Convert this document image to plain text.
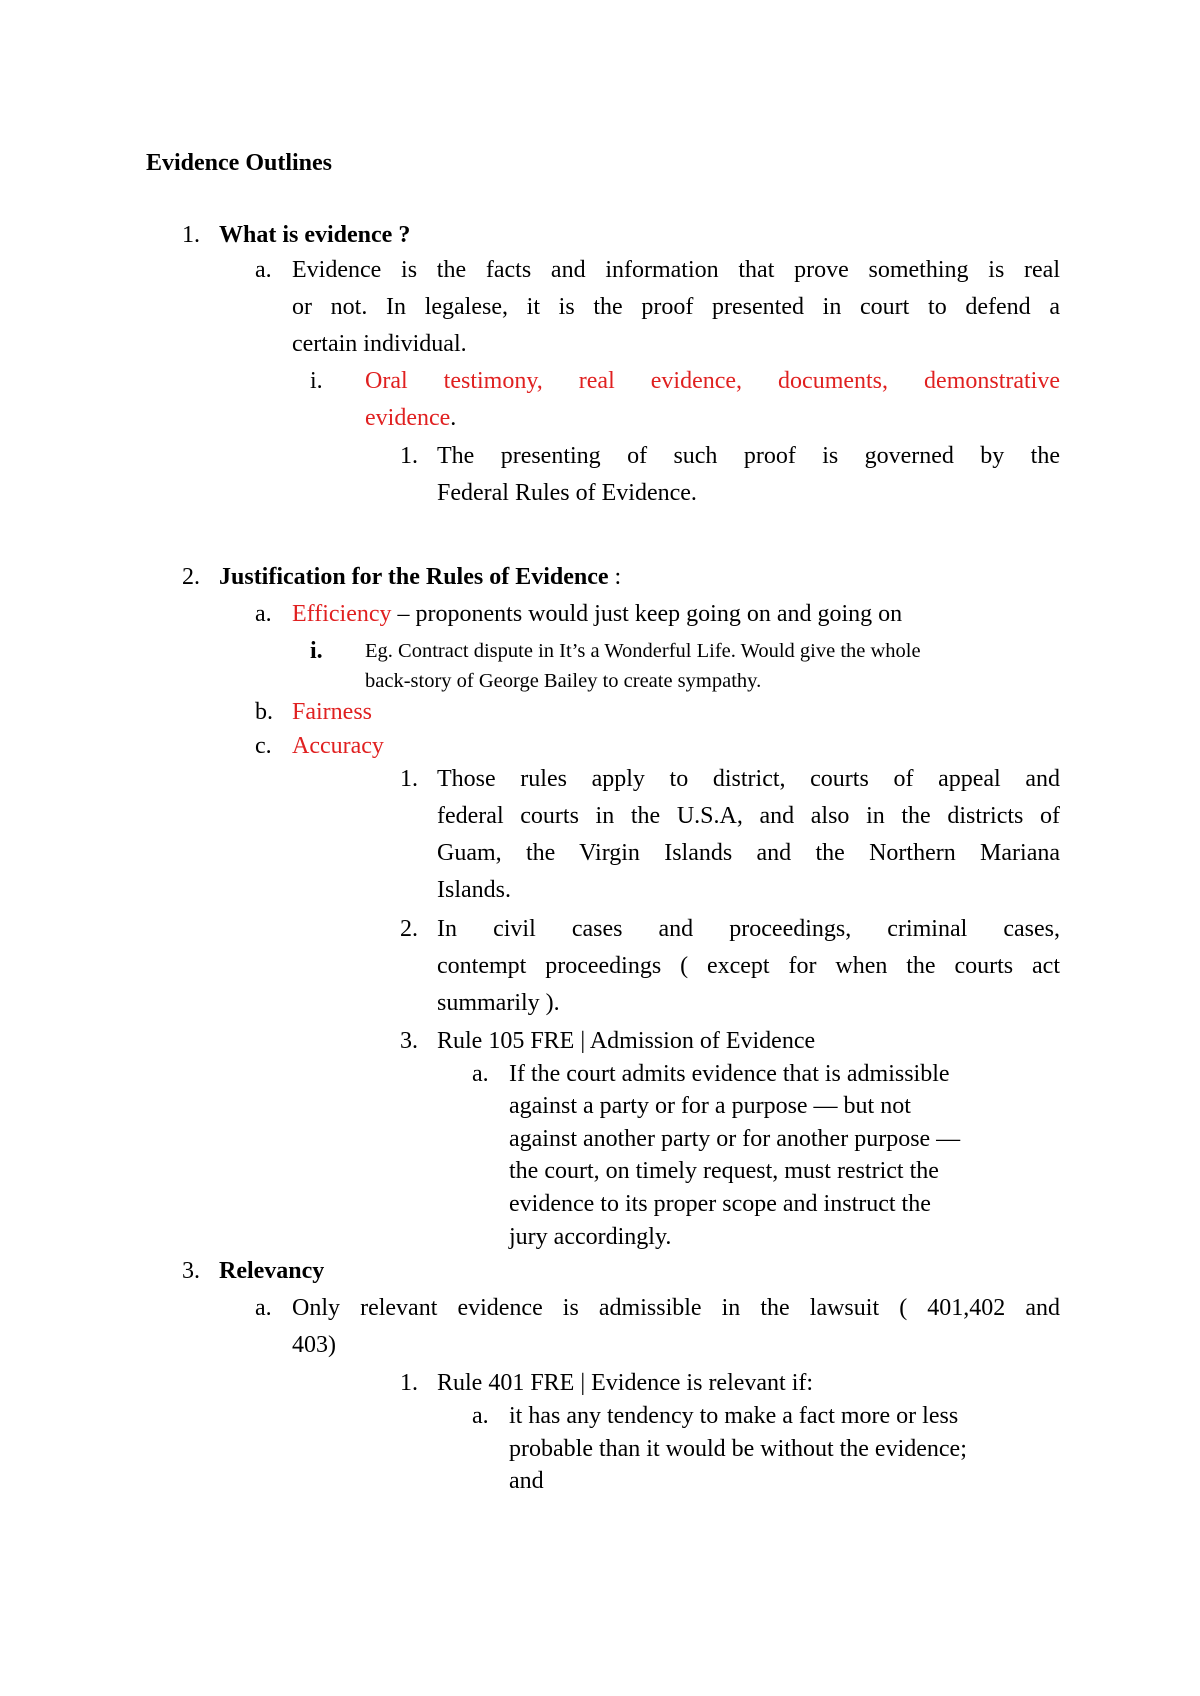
Evidence Outlines
1. What is evidence ?
a. Evidence is the facts and information that prove something is real
or not. In legalese, it is the proof presented in court to defend a
certain individual.
i. Oral testimony, real evidence, documents, demonstrative
evidence.
1. The presenting of such proof is governed by the
Federal Rules of Evidence.
2. Justification for the Rules of Evidence :
a. Efficiency – proponents would just keep going on and going on
i. Eg. Contract dispute in It’s a Wonderful Life. Would give the whole
back-story of George Bailey to create sympathy.
b. Fairness
c. Accuracy
1. Those rules apply to district, courts of appeal and
federal courts in the U.S.A, and also in the districts of
Guam, the Virgin Islands and the Northern Mariana
Islands.
2. In civil cases and proceedings, criminal cases,
contempt proceedings ( except for when the courts act
summarily ).
3. Rule 105 FRE | Admission of Evidence
a. If the court admits evidence that is admissible
against a party or for a purpose — but not
against another party or for another purpose —
the court, on timely request, must restrict the
evidence to its proper scope and instruct the
jury accordingly.
3. Relevancy
a. Only relevant evidence is admissible in the lawsuit ( 401,402 and
403)
1. Rule 401 FRE | Evidence is relevant if:
a. it has any tendency to make a fact more or less
probable than it would be without the evidence;
and
